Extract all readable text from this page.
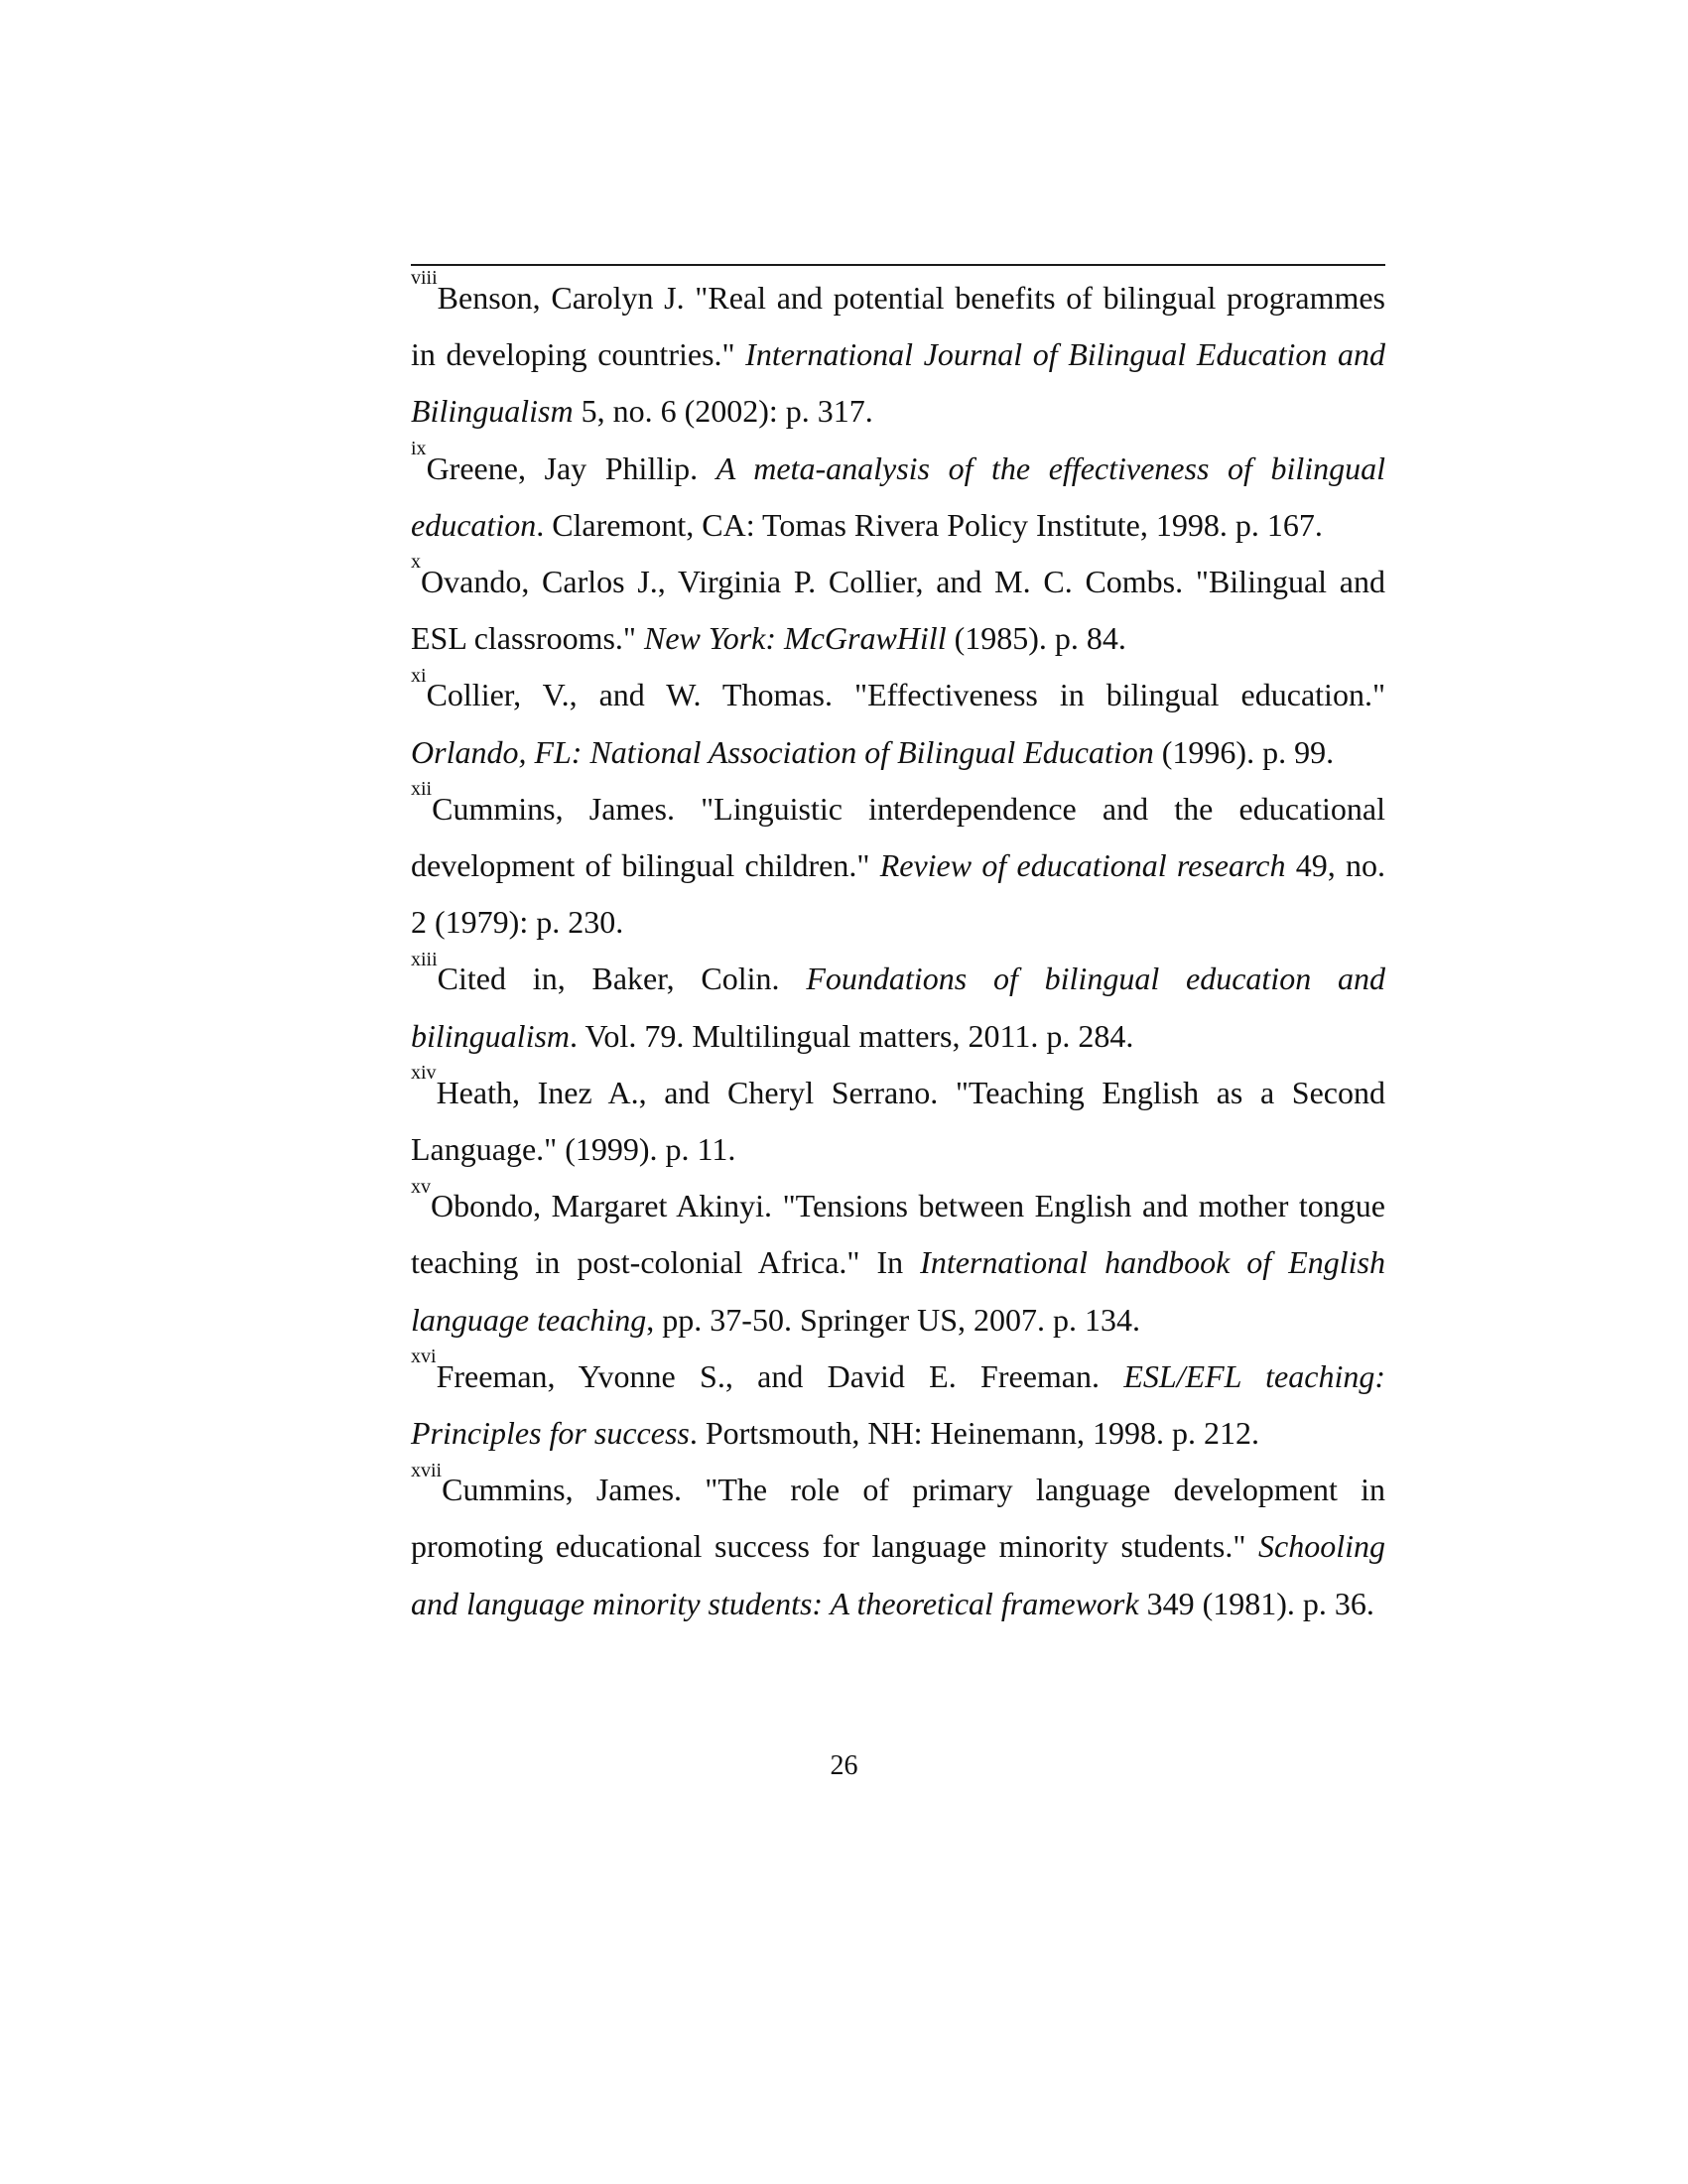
$^{viii}$Benson, Carolyn J. "Real and potential benefits of bilingual programmes in developing countries." International Journal of Bilingual Education and Bilingualism 5, no. 6 (2002): p. 317.

$^{ix}$Greene, Jay Phillip. A meta-analysis of the effectiveness of bilingual education. Claremont, CA: Tomas Rivera Policy Institute, 1998. p. 167.

$^x$Ovando, Carlos J., Virginia P. Collier, and M. C. Combs. "Bilingual and ESL classrooms." New York: McGrawHill (1985). p. 84.

$^{xi}$Collier, V., and W. Thomas. "Effectiveness in bilingual education." Orlando, FL: National Association of Bilingual Education (1996). p. 99.

$^{xii}$Cummins, James. "Linguistic interdependence and the educational development of bilingual children." Review of educational research 49, no. 2 (1979): p. 230.

$^{xiii}$Cited in, Baker, Colin. Foundations of bilingual education and bilingualism. Vol. 79. Multilingual matters, 2011. p. 284.

$^{xiv}$Heath, Inez A., and Cheryl Serrano. "Teaching English as a Second Language." (1999). p. 11.

$^{xv}$Obondo, Margaret Akinyi. "Tensions between English and mother tongue teaching in post-colonial Africa." In International handbook of English language teaching, pp. 37-50. Springer US, 2007. p. 134.

$^{xvi}$Freeman, Yvonne S., and David E. Freeman. ESL/EFL teaching: Principles for success. Portsmouth, NH: Heinemann, 1998. p. 212.

$^{xvii}$Cummins, James. "The role of primary language development in promoting educational success for language minority students." Schooling and language minority students: A theoretical framework 349 (1981). p. 36.

26
